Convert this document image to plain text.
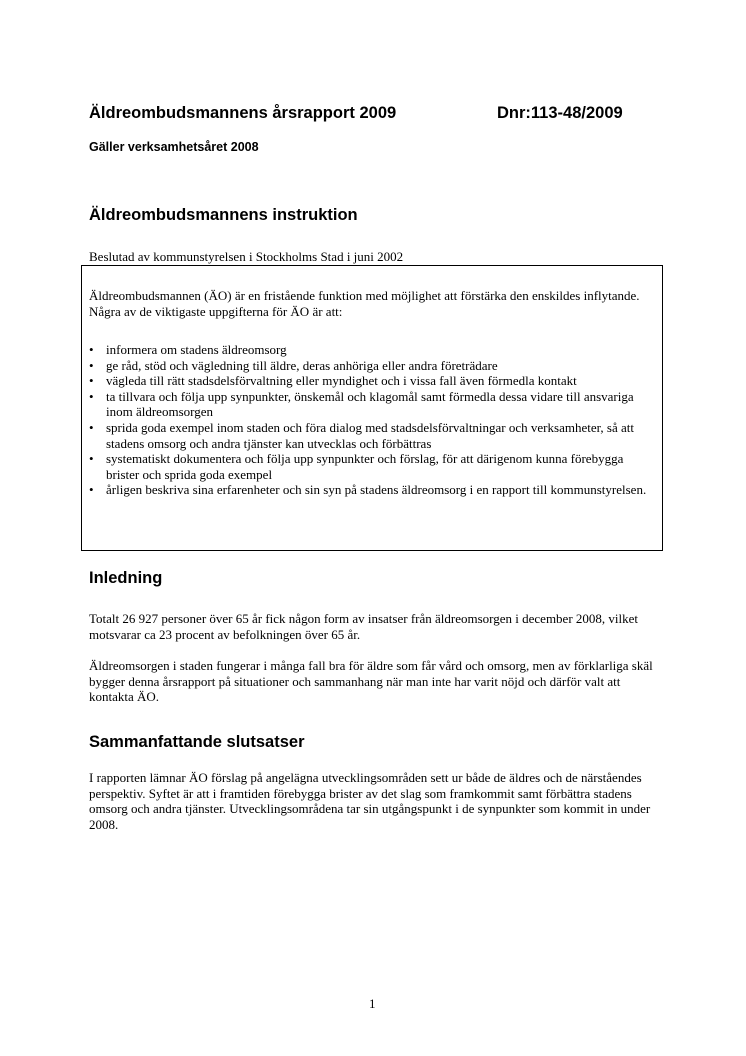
Äldreombudsmannens årsrapport 2009	Dnr:113-48/2009
Gäller verksamhetsåret 2008
Äldreombudsmannens instruktion
Beslutad av kommunstyrelsen i Stockholms Stad i juni 2002

Äldreombudsmannen (ÄO) är en fristående funktion med möjlighet att förstärka den enskildes inflytande. Några av de viktigaste uppgifterna för ÄO är att:

• informera om stadens äldreomsorg
• ge råd, stöd och vägledning till äldre, deras anhöriga eller andra företrädare
• vägleda till rätt stadsdelsförvaltning eller myndighet och i vissa fall även förmedla kontakt
• ta tillvara och följa upp synpunkter, önskemål och klagomål samt förmedla dessa vidare till ansvariga inom äldreomsorgen
• sprida goda exempel inom staden och föra dialog med stadsdelsförvaltningar och verksamheter, så att stadens omsorg och andra tjänster kan utvecklas och förbättras
• systematiskt dokumentera och följa upp synpunkter och förslag, för att därigenom kunna förebygga brister och sprida goda exempel
• årligen beskriva sina erfarenheter och sin syn på stadens äldreomsorg i en rapport till kommunstyrelsen.
Inledning

Totalt 26 927 personer över 65 år fick någon form av insatser från äldreomsorgen i december 2008, vilket motsvarar ca 23 procent av befolkningen över 65 år.

Äldreomsorgen i staden fungerar i många fall bra för äldre som får vård och omsorg, men av förklarliga skäl bygger denna årsrapport på situationer och sammanhang när man inte har varit nöjd och därför valt att kontakta ÄO.

Sammanfattande slutsatser

I rapporten lämnar ÄO förslag på angelägna utvecklingsområden sett ur både de äldres och de närståendes perspektiv. Syftet är att i framtiden förebygga brister av det slag som framkommit samt förbättra stadens omsorg och andra tjänster. Utvecklingsområdena tar sin utgångspunkt i de synpunkter som kommit in under 2008.

1
